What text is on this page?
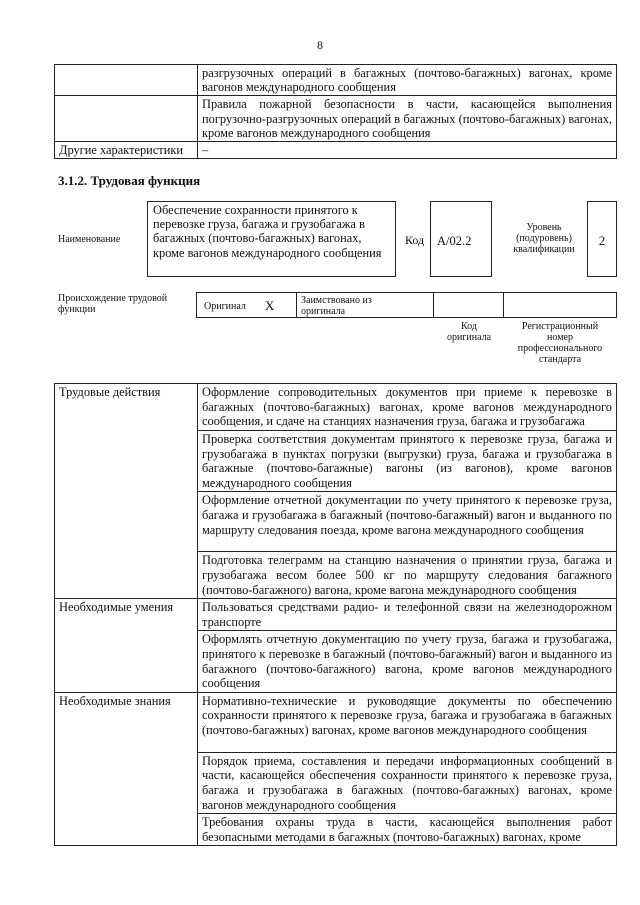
8
	разгрузочных операций в багажных (почтово-багажных) вагонах, кроме вагонов международного сообщения
	Правила пожарной безопасности в части, касающейся выполнения погрузочно-разгрузочных операций в багажных (почтово-багажных) вагонах, кроме вагонов международного сообщения
Другие характеристики	–
3.1.2. Трудовая функция
Наименование
Обеспечение сохранности принятого к перевозке груза, багажа и грузобагажа в багажных (почтово-багажных) вагонах, кроме вагонов международного сообщения
Код	А/02.2
Уровень (подуровень) квалификации
2
Происхождение трудовой функции	Оригинал X	Заимствовано из оригинала
Код оригинала
Регистрационный номер профессионального стандарта
Трудовые действия	Оформление сопроводительных документов при приеме к перевозке в багажных (почтово-багажных) вагонах, кроме вагонов международного сообщения, и сдаче на станциях назначения груза, багажа и грузобагажа
	Проверка соответствия документам принятого к перевозке груза, багажа и грузобагажа в пунктах погрузки (выгрузки) груза, багажа и грузобагажа в багажные (почтово-багажные) вагоны (из вагонов), кроме вагонов международного сообщения
	Оформление отчетной документации по учету принятого к перевозке груза, багажа и грузобагажа в багажный (почтово-багажный) вагон и выданного по маршруту следования поезда, кроме вагона международного сообщения
	Подготовка телеграмм на станцию назначения о принятии груза, багажа и грузобагажа весом более 500 кг по маршруту следования багажного (почтово-багажного) вагона, кроме вагона международного сообщения
Необходимые умения	Пользоваться средствами радио- и телефонной связи на железнодорожном транспорте
	Оформлять отчетную документацию по учету груза, багажа и грузобагажа, принятого к перевозке в багажный (почтово-багажный) вагон и выданного из багажного (почтово-багажного) вагона, кроме вагонов международного сообщения
Необходимые знания	Нормативно-технические и руководящие документы по обеспечению сохранности принятого к перевозке груза, багажа и грузобагажа в багажных (почтово-багажных) вагонах, кроме вагонов международного сообщения
	Порядок приема, составления и передачи информационных сообщений в части, касающейся обеспечения сохранности принятого к перевозке груза, багажа и грузобагажа в багажных (почтово-багажных) вагонах, кроме вагонов международного сообщения
	Требования охраны труда в части, касающейся выполнения работ безопасными методами в багажных (почтово-багажных) вагонах, кроме
